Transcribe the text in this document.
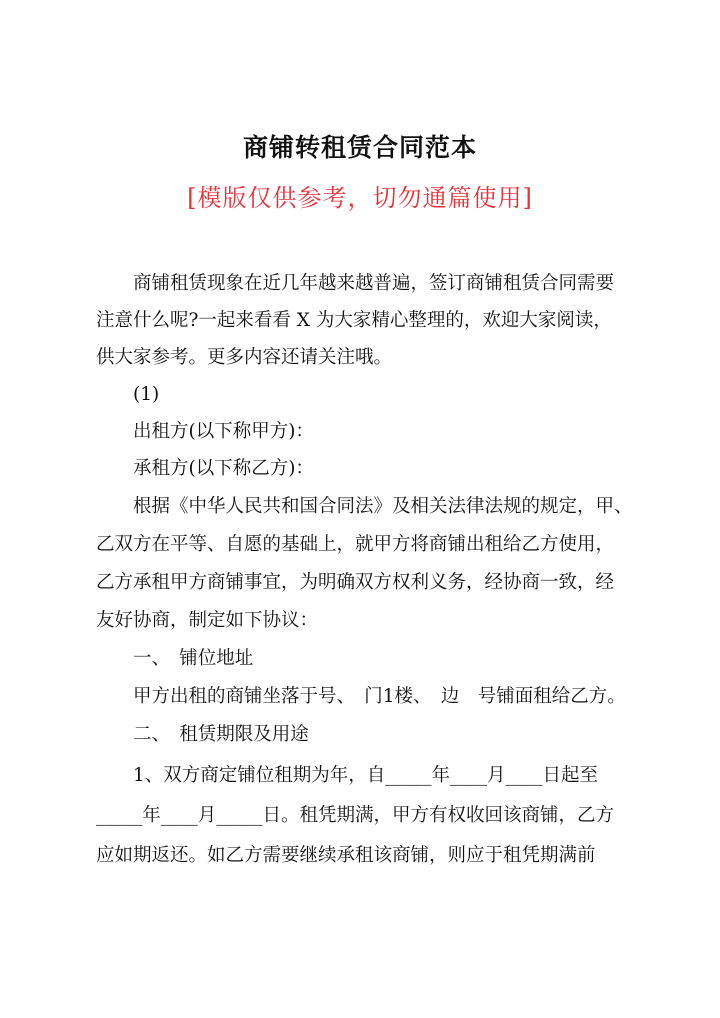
商铺转租赁合同范本
[模版仅供参考，切勿通篇使用]
商铺租赁现象在近几年越来越普遍，签订商铺租赁合同需要
注意什么呢?一起来看看 X 为大家精心整理的，欢迎大家阅读，
供大家参考。更多内容还请关注哦。
(1)
出租方(以下称甲方)：
承租方(以下称乙方)：
根据《中华人民共和国合同法》及相关法律法规的规定，甲、
乙双方在平等、自愿的基础上，就甲方将商铺出租给乙方使用，
乙方承租甲方商铺事宜，为明确双方权利义务，经协商一致，经
友好协商，制定如下协议：
一、　铺位地址
甲方出租的商铺坐落于号、　门1楼、　边　号铺面租给乙方。
二、　租赁期限及用途
1、双方商定铺位租期为年，自_____年____月____日起至
_____年____月_____日。租凭期满，甲方有权收回该商铺，乙方
应如期返还。如乙方需要继续承租该商铺，则应于租凭期满前
